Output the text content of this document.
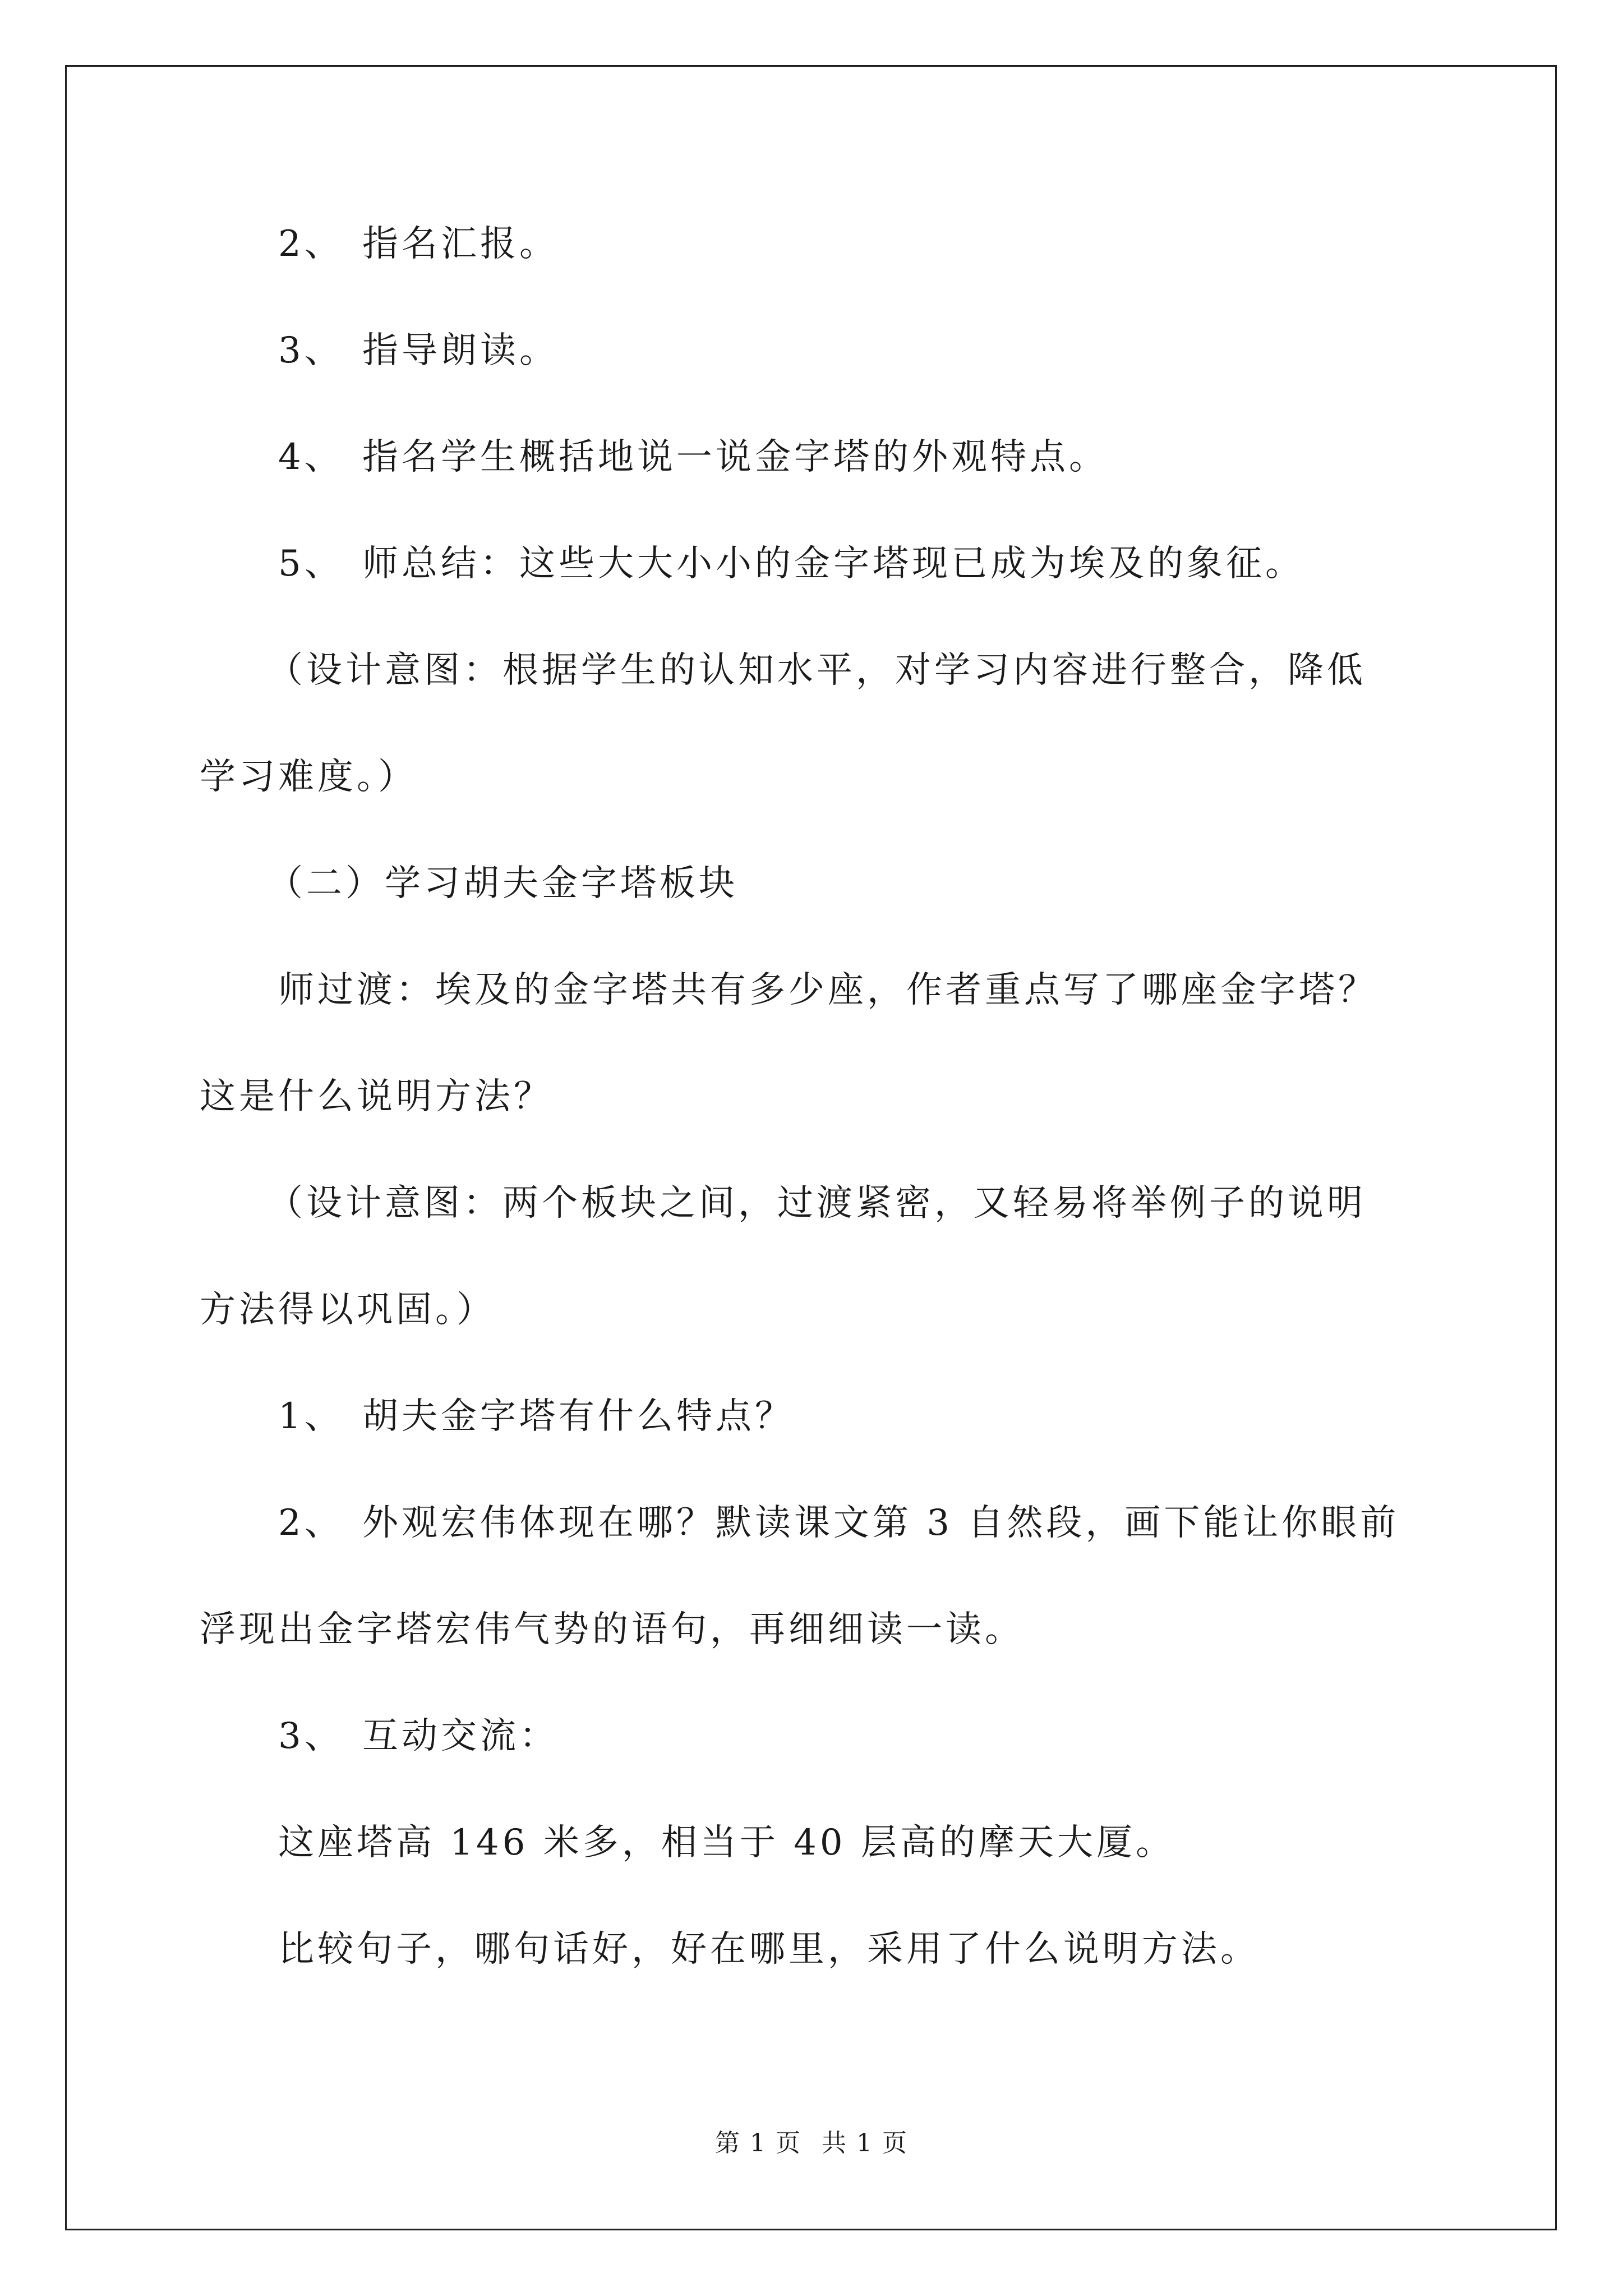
2、 指名汇报。

3、 指导朗读。

4、 指名学生概括地说一说金字塔的外观特点。

5、 师总结：这些大大小小的金字塔现已成为埃及的象征。

（设计意图：根据学生的认知水平，对学习内容进行整合，降低

学习难度。）

（二）学习胡夫金字塔板块

师过渡：埃及的金字塔共有多少座，作者重点写了哪座金字塔？

这是什么说明方法？

（设计意图：两个板块之间，过渡紧密，又轻易将举例子的说明

方法得以巩固。）

1、 胡夫金字塔有什么特点？

2、 外观宏伟体现在哪？默读课文第 3 自然段，画下能让你眼前

浮现出金字塔宏伟气势的语句，再细细读一读。

3、 互动交流：

这座塔高 146 米多，相当于 40 层高的摩天大厦。

比较句子，哪句话好，好在哪里，采用了什么说明方法。

第 1 页 共 1 页
